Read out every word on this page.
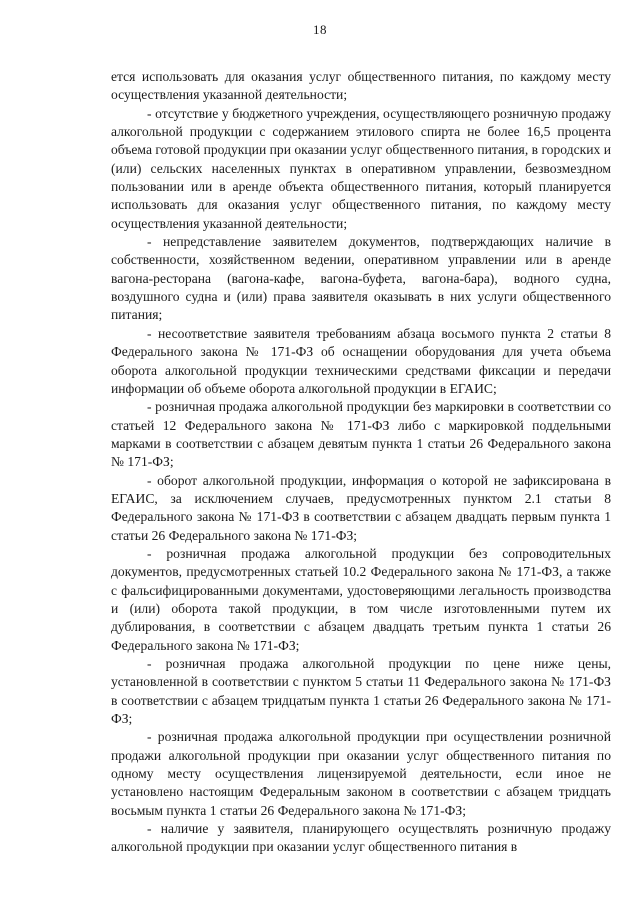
18

ется использовать для оказания услуг общественного питания, по каждому месту осуществления указанной деятельности;

- отсутствие у бюджетного учреждения, осуществляющего розничную продажу алкогольной продукции с содержанием этилового спирта не более 16,5 процента объема готовой продукции при оказании услуг общественного питания, в городских и (или) сельских населенных пунктах в оперативном управлении, безвозмездном пользовании или в аренде объекта общественного питания, который планируется использовать для оказания услуг общественного питания, по каждому месту осуществления указанной деятельности;

- непредставление заявителем документов, подтверждающих наличие в собственности, хозяйственном ведении, оперативном управлении или в аренде вагона-ресторана (вагона-кафе, вагона-буфета, вагона-бара), водного судна, воздушного судна и (или) права заявителя оказывать в них услуги общественного питания;

- несоответствие заявителя требованиям абзаца восьмого пункта 2 статьи 8 Федерального закона № 171-ФЗ об оснащении оборудования для учета объема оборота алкогольной продукции техническими средствами фиксации и передачи информации об объеме оборота алкогольной продукции в ЕГАИС;

- розничная продажа алкогольной продукции без маркировки в соответствии со статьей 12 Федерального закона № 171-ФЗ либо с маркировкой поддельными марками в соответствии с абзацем девятым пункта 1 статьи 26 Федерального закона № 171-ФЗ;

- оборот алкогольной продукции, информация о которой не зафиксирована в ЕГАИС, за исключением случаев, предусмотренных пунктом 2.1 статьи 8 Федерального закона № 171-ФЗ в соответствии с абзацем двадцать первым пункта 1 статьи 26 Федерального закона № 171-ФЗ;

- розничная продажа алкогольной продукции без сопроводительных документов, предусмотренных статьей 10.2 Федерального закона № 171-ФЗ, а также с фальсифицированными документами, удостоверяющими легальность производства и (или) оборота такой продукции, в том числе изготовленными путем их дублирования, в соответствии с абзацем двадцать третьим пункта 1 статьи 26 Федерального закона № 171-ФЗ;

- розничная продажа алкогольной продукции по цене ниже цены, установленной в соответствии с пунктом 5 статьи 11 Федерального закона № 171-ФЗ в соответствии с абзацем тридцатым пункта 1 статьи 26 Федерального закона № 171-ФЗ;

- розничная продажа алкогольной продукции при осуществлении розничной продажи алкогольной продукции при оказании услуг общественного питания по одному месту осуществления лицензируемой деятельности, если иное не установлено настоящим Федеральным законом в соответствии с абзацем тридцать восьмым пункта 1 статьи 26 Федерального закона № 171-ФЗ;

- наличие у заявителя, планирующего осуществлять розничную продажу алкогольной продукции при оказании услуг общественного питания в
